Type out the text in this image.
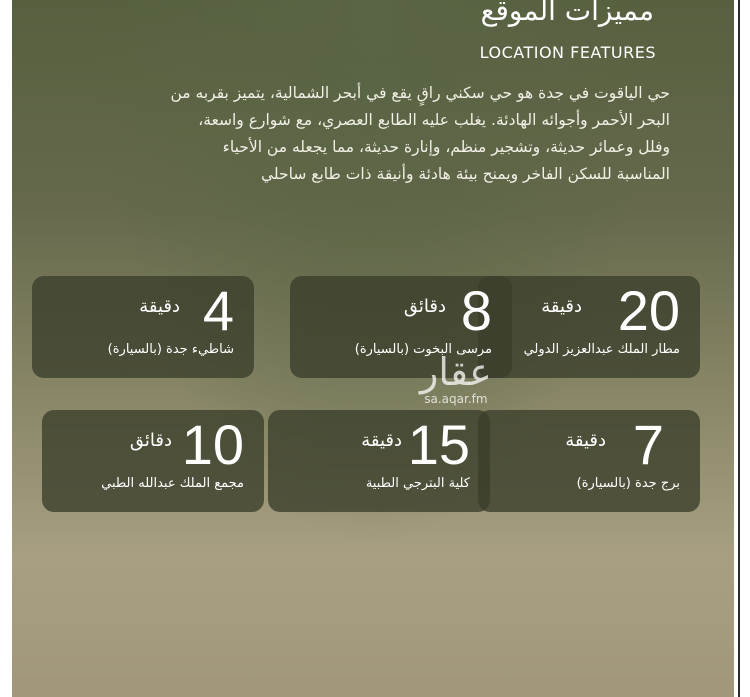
مميزات الموقع
LOCATION FEATURES
حي الياقوت في جدة هو حي سكني راقٍ يقع في أبحر الشمالية، يتميز بقربه من
البحر الأحمر وأجوائه الهادئة. يغلب عليه الطابع العصري، مع شوارع واسعة،
وفلل وعمائر حديثة، وتشجير منظم، وإنارة حديثة، مما يجعله من الأحياء
المناسبة للسكن الفاخر ويمنح بيئة هادئة وأنيقة ذات طابع ساحلي
20
دقيقة
مطار الملك عبدالعزيز الدولي
8
دقائق
مرسى البخوت (بالسيارة)
4
دقيقة
شاطيء جدة (بالسيارة)
7
دقيقة
برج جدة (بالسيارة)
15
دقيقة
كلية البترجي الطبية
10
دقائق
مجمع الملك عبدالله الطبي
عقار
sa.aqar.fm
